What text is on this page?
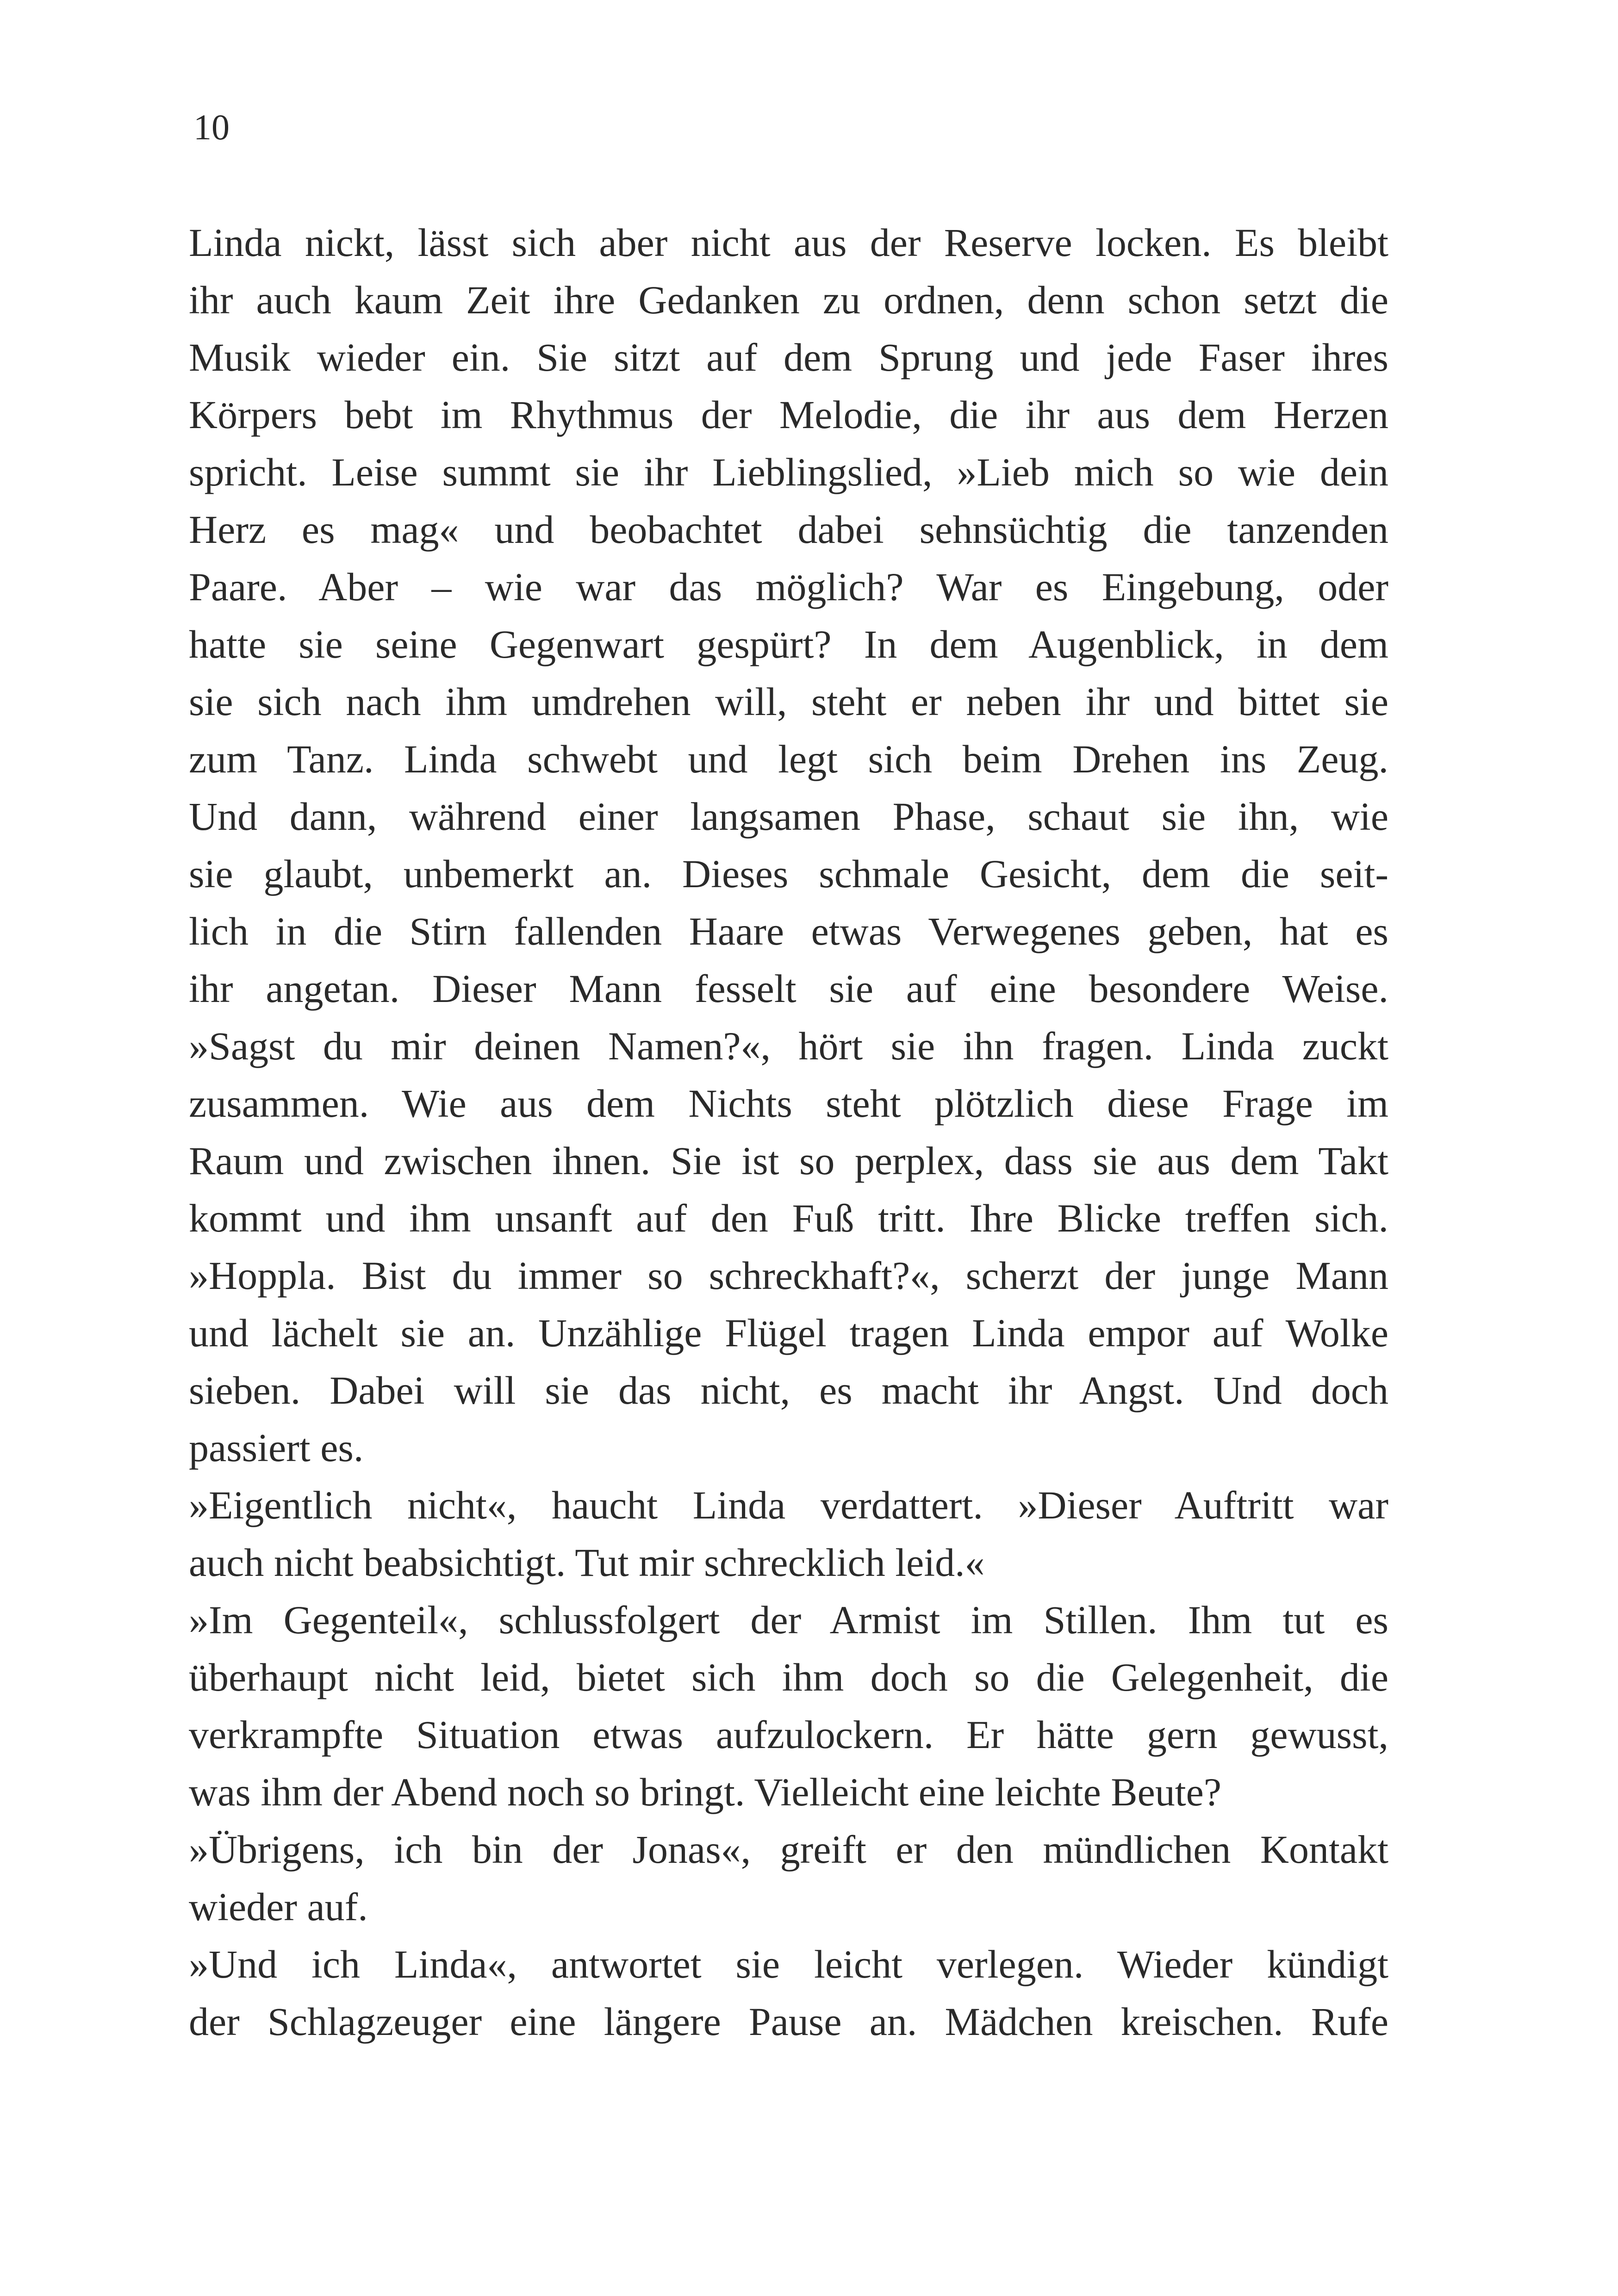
10
Linda nickt, lässt sich aber nicht aus der Reserve locken. Es bleibt
ihr auch kaum Zeit ihre Gedanken zu ordnen, denn schon setzt die
Musik wieder ein. Sie sitzt auf dem Sprung und jede Faser ihres
Körpers bebt im Rhythmus der Melodie, die ihr aus dem Herzen
spricht. Leise summt sie ihr Lieblingslied, »Lieb mich so wie dein
Herz es mag« und beobachtet dabei sehnsüchtig die tanzenden
Paare. Aber – wie war das möglich? War es Eingebung, oder
hatte sie seine Gegenwart gespürt? In dem Augenblick, in dem
sie sich nach ihm umdrehen will, steht er neben ihr und bittet sie
zum Tanz. Linda schwebt und legt sich beim Drehen ins Zeug.
Und dann, während einer langsamen Phase, schaut sie ihn, wie
sie glaubt, unbemerkt an. Dieses schmale Gesicht, dem die seit-
lich in die Stirn fallenden Haare etwas Verwegenes geben, hat es
ihr angetan. Dieser Mann fesselt sie auf eine besondere Weise.
»Sagst du mir deinen Namen?«, hört sie ihn fragen. Linda zuckt
zusammen. Wie aus dem Nichts steht plötzlich diese Frage im
Raum und zwischen ihnen. Sie ist so perplex, dass sie aus dem Takt
kommt und ihm unsanft auf den Fuß tritt. Ihre Blicke treffen sich.
»Hoppla. Bist du immer so schreckhaft?«, scherzt der junge Mann
und lächelt sie an. Unzählige Flügel tragen Linda empor auf Wolke
sieben. Dabei will sie das nicht, es macht ihr Angst. Und doch
passiert es.
»Eigentlich nicht«, haucht Linda verdattert. »Dieser Auftritt war
auch nicht beabsichtigt. Tut mir schrecklich leid.«
»Im Gegenteil«, schlussfolgert der Armist im Stillen. Ihm tut es
überhaupt nicht leid, bietet sich ihm doch so die Gelegenheit, die
verkrampfte Situation etwas aufzulockern. Er hätte gern gewusst,
was ihm der Abend noch so bringt. Vielleicht eine leichte Beute?
»Übrigens, ich bin der Jonas«, greift er den mündlichen Kontakt
wieder auf.
»Und ich Linda«, antwortet sie leicht verlegen. Wieder kündigt
der Schlagzeuger eine längere Pause an. Mädchen kreischen. Rufe
